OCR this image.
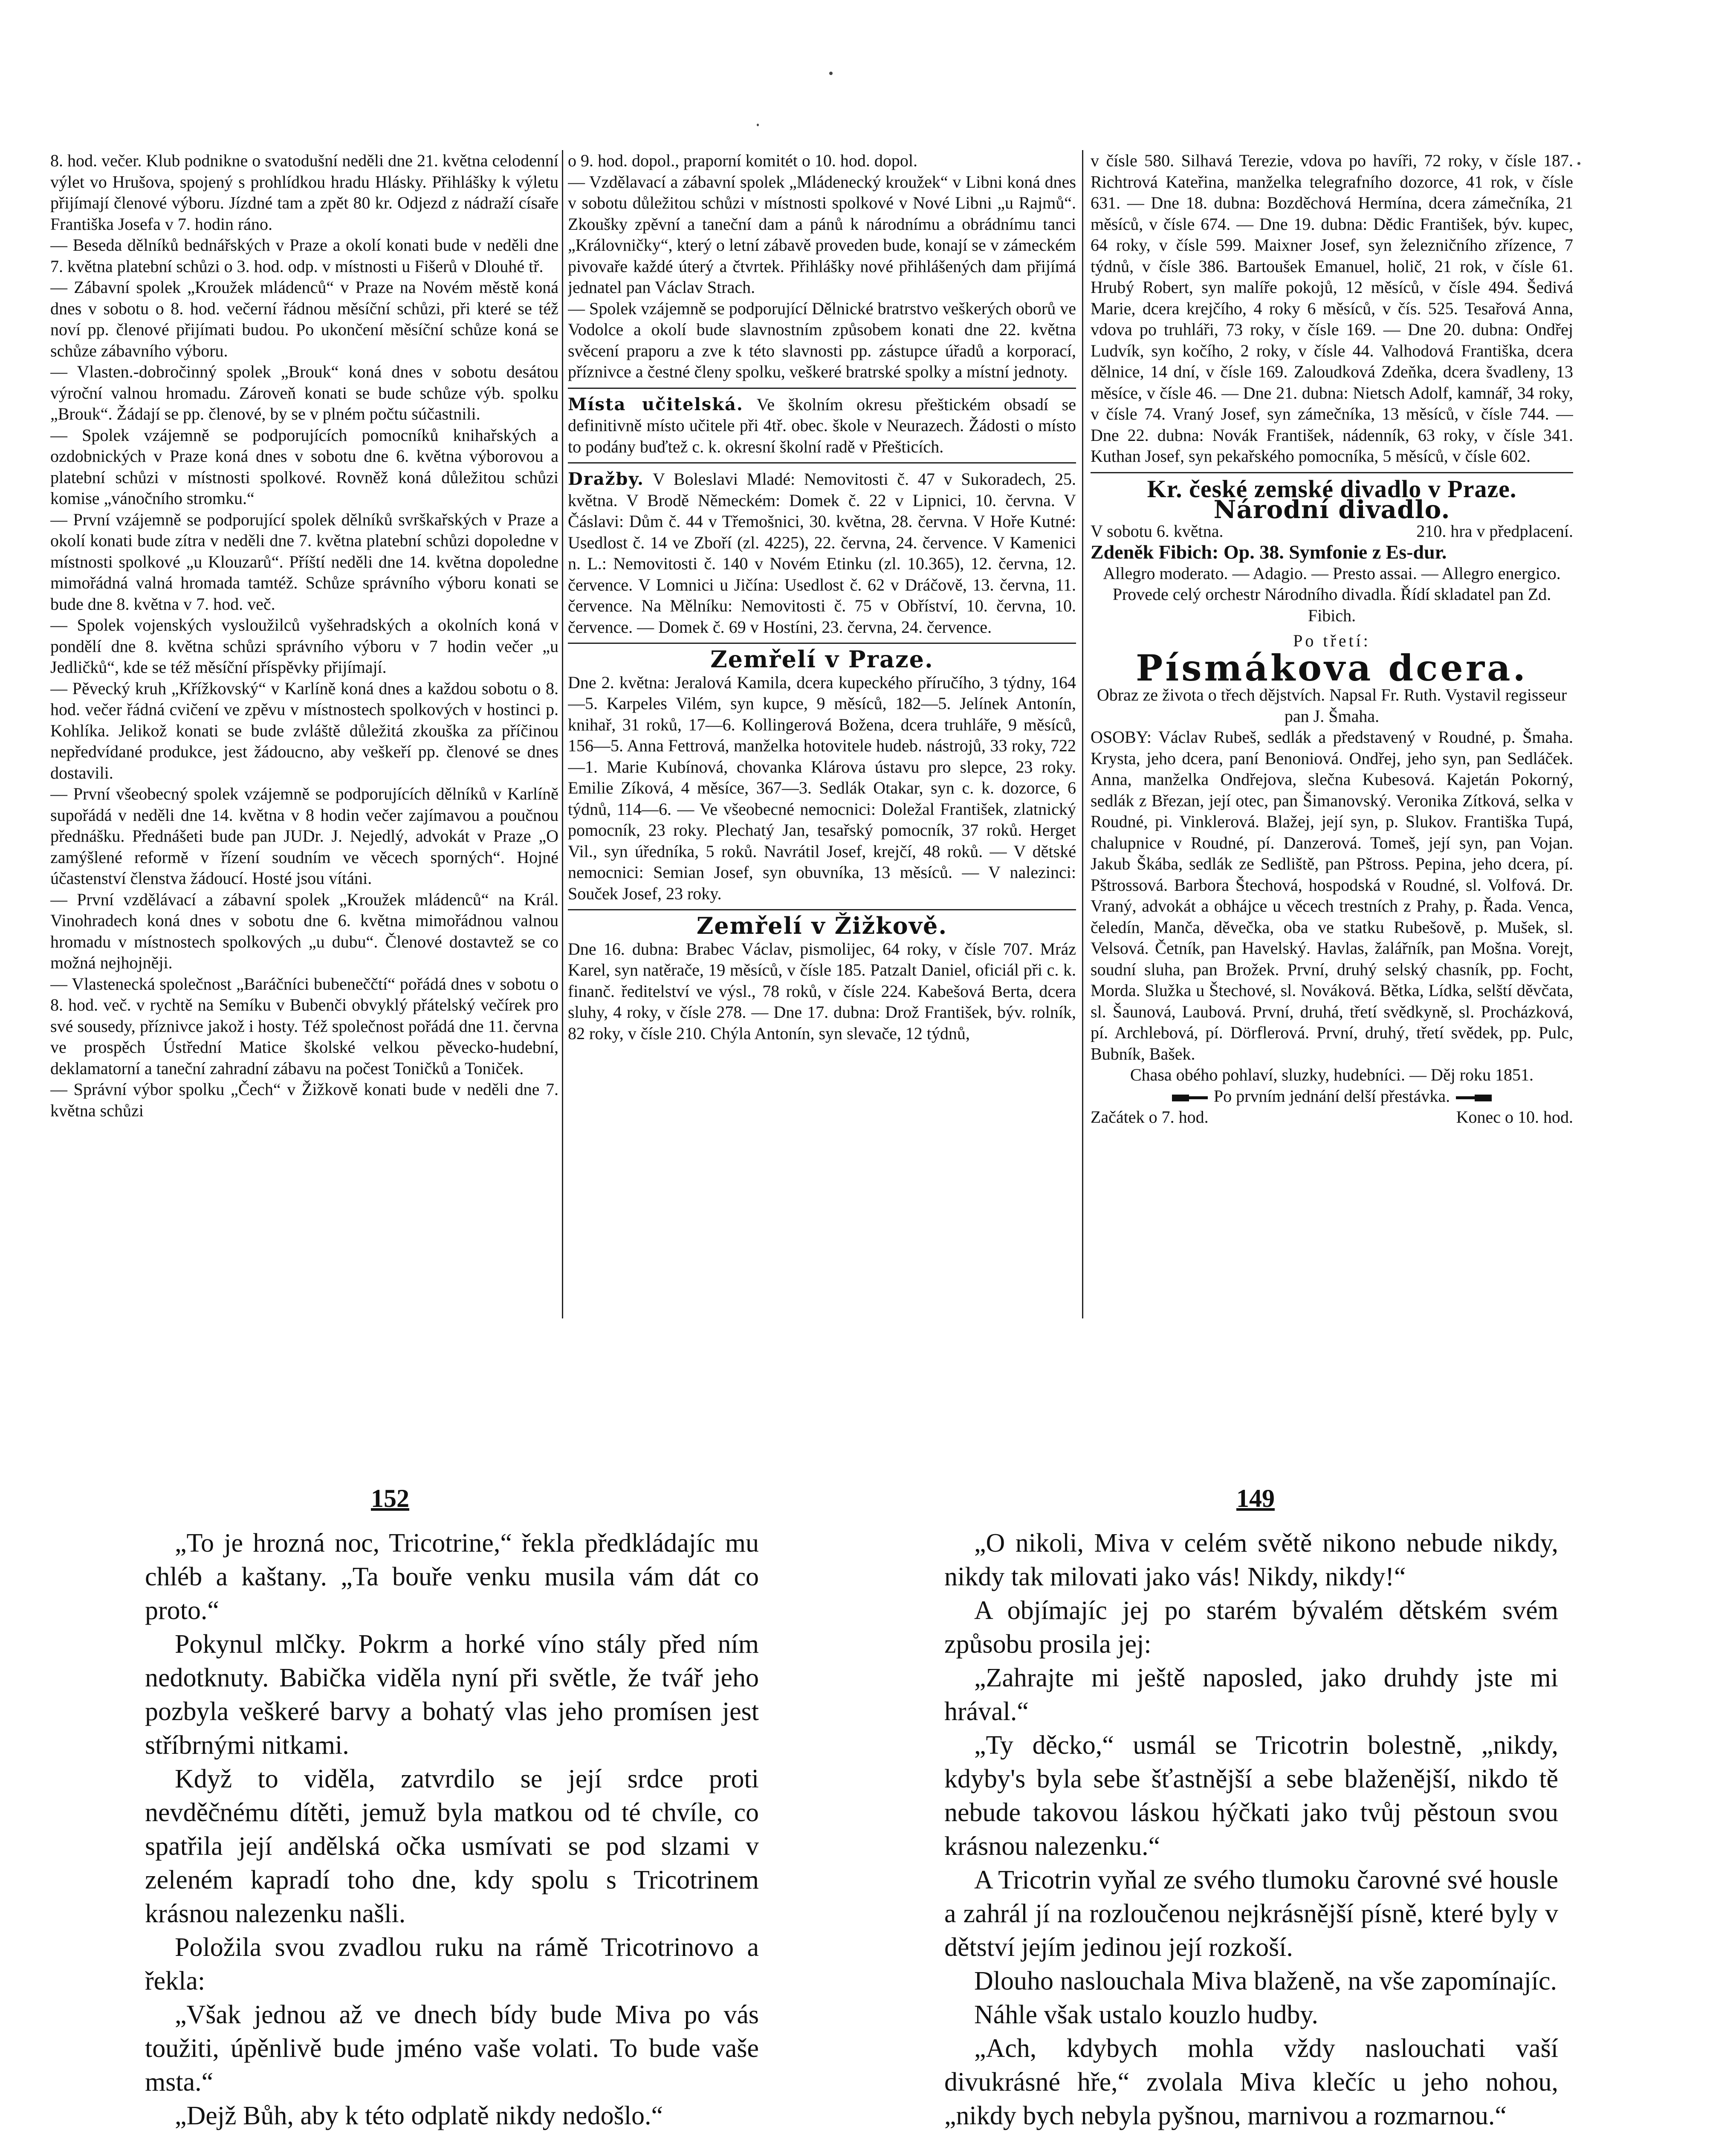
8. hod. večer. Klub podnikne o svatodušní neděli dne 21. května celodenní výlet vo Hrušova, spojený s prohlídkou hradu Hlásky. Přihlášky k výletu přijímají členové výboru. Jízdné tam a zpět 80 kr. Odjezd z nádraží císaře Františka Josefa v 7. hodin ráno.

— Beseda dělníků bednářských v Praze a okolí konati bude v neděli dne 7. května platební schůzi o 3. hod. odp. v místnosti u Fišerů v Dlouhé tř.

— Zábavní spolek „Kroužek mládenců“ v Praze na Novém městě koná dnes v sobotu o 8. hod. večerní řádnou měsíční schůzi, při které se též noví pp. členové přijímati budou. Po ukončení měsíční schůze koná se schůze zábavního výboru.

— Vlasten.-dobročinný spolek „Brouk“ koná dnes v sobotu desátou výroční valnou hromadu. Zároveň konati se bude schůze výb. spolku „Brouk“. Žádají se pp. členové, by se v plném počtu súčastnili.

— Spolek vzájemně se podporujících pomocníků knihařských a ozdobnických v Praze koná dnes v sobotu dne 6. května výborovou a platební schůzi v místnosti spolkové. Rovněž koná důležitou schůzi komise „vánočního stromku.“

— První vzájemně se podporující spolek dělníků svrškařských v Praze a okolí konati bude zítra v neděli dne 7. května platební schůzi dopoledne v místnosti spolkové „u Klouzarů“. Příští neděli dne 14. května dopoledne mimořádná valná hromada tamtéž. Schůze správního výboru konati se bude dne 8. května v 7. hod. več.

— Spolek vojenských vysloužilců vyšehradských a okolních koná v pondělí dne 8. května schůzi správního výboru v 7 hodin večer „u Jedličků“, kde se též měsíční příspěvky přijímají.

— Pěvecký kruh „Křížkovský“ v Karlíně koná dnes a každou sobotu o 8. hod. večer řádná cvičení ve zpěvu v místnostech spolkových v hostinci p. Kohlíka. Jelikož konati se bude zvláště důležitá zkouška za příčinou nepředvídané produkce, jest žádoucno, aby veškeří pp. členové se dnes dostavili.

— První všeobecný spolek vzájemně se podporujících dělníků v Karlíně supořádá v neděli dne 14. května v 8 hodin večer zajímavou a poučnou přednášku. Přednášeti bude pan JUDr. J. Nejedlý, advokát v Praze „O zamýšlené reformě v řízení soudním ve věcech sporných“. Hojné účastenství členstva žádoucí. Hosté jsou vítáni.

— První vzdělávací a zábavní spolek „Kroužek mládenců“ na Král. Vinohradech koná dnes v sobotu dne 6. května mimořádnou valnou hromadu v místnostech spolkových „u dubu“. Členové dostavtež se co možná nejhojněji.

— Vlastenecká společnost „Baráčníci bubeneččtí“ pořádá dnes v sobotu o 8. hod. več. v rychtě na Semíku v Bubenči obvyklý přátelský večírek pro své sousedy, příznivce jakož i hosty. Též společnost pořádá dne 11. června ve prospěch Ústřední Matice školské velkou pěvecko-hudební, deklamatorní a taneční zahradní zábavu na počest Toničků a Toniček.

— Správní výbor spolku „Čech“ v Žižkově konati bude v neděli dne 7. května schůzi

o 9. hod. dopol., praporní komitét o 10. hod. dopol.

— Vzdělavací a zábavní spolek „Mládenecký kroužek“ v Libni koná dnes v sobotu důležitou schůzi v místnosti spolkové v Nové Libni „u Rajmů“. Zkoušky zpěvní a taneční dam a pánů k národnímu a obrádnímu tanci „Královničky“, který o letní zábavě proveden bude, konají se v zámeckém pivovaře každé úterý a čtvrtek. Přihlášky nové přihlášených dam přijímá jednatel pan Václav Strach.

— Spolek vzájemně se podporující Dělnické bratrstvo veškerých oborů ve Vodolce a okolí bude slavnostním způsobem konati dne 22. května svěcení praporu a zve k této slavnosti pp. zástupce úřadů a korporací, příznivce a čestné členy spolku, veškeré bratrské spolky a místní jednoty.

Místa učitelská. Ve školním okresu přeštickém obsadí se definitivně místo učitele při 4tř. obec. škole v Neurazech. Žádosti o místo to podány buďtež c. k. okresní školní radě v Přešticích.

Dražby. V Boleslavi Mladé: Nemovitosti č. 47 v Sukoradech, 25. května. V Brodě Německém: Domek č. 22 v Lipnici, 10. června. V Čáslavi: Dům č. 44 v Třemošnici, 30. května, 28. června. V Hoře Kutné: Usedlost č. 14 ve Zboří (zl. 4225), 22. června, 24. července. V Kamenici n. L.: Nemovitosti č. 140 v Novém Etinku (zl. 10.365), 12. června, 12. července. V Lomnici u Jičína: Usedlost č. 62 v Dráčově, 13. června, 11. července. Na Mělníku: Nemovitosti č. 75 v Obříství, 10. června, 10. července. — Domek č. 69 v Hostíni, 23. června, 24. července.

Zemřelí v Praze.

Dne 2. května: Jeralová Kamila, dcera kupeckého příručího, 3 týdny, 164—5. Karpeles Vilém, syn kupce, 9 měsíců, 182—5. Jelínek Antonín, knihař, 31 roků, 17—6. Kollingerová Božena, dcera truhláře, 9 měsíců, 156—5. Anna Fettrová, manželka hotovitele hudeb. nástrojů, 33 roky, 722—1. Marie Kubínová, chovanka Klárova ústavu pro slepce, 23 roky. Emilie Zíková, 4 měsíce, 367—3. Sedlák Otakar, syn c. k. dozorce, 6 týdnů, 114—6. — Ve všeobecné nemocnici: Doležal František, zlatnický pomocník, 23 roky. Plechatý Jan, tesařský pomocník, 37 roků. Herget Vil., syn úředníka, 5 roků. Navrátil Josef, krejčí, 48 roků. — V dětské nemocnici: Semian Josef, syn obuvníka, 13 měsíců. — V nalezinci: Souček Josef, 23 roky.

Zemřelí v Žižkově.

Dne 16. dubna: Brabec Václav, pismolijec, 64 roky, v čísle 707. Mráz Karel, syn natěrače, 19 měsíců, v čísle 185. Patzalt Daniel, oficiál při c. k. finanč. ředitelství ve výsl., 78 roků, v čísle 224. Kabešová Berta, dcera sluhy, 4 roky, v čísle 278. — Dne 17. dubna: Drož František, býv. rolník, 82 roky, v čísle 210. Chýla Antonín, syn slevače, 12 týdnů,

v čísle 580. Silhavá Terezie, vdova po havíři, 72 roky, v čísle 187. Richtrová Kateřina, manželka telegrafního dozorce, 41 rok, v čísle 631. — Dne 18. dubna: Bozděchová Hermína, dcera zámečníka, 21 měsíců, v čísle 674. — Dne 19. dubna: Dědic František, býv. kupec, 64 roky, v čísle 599. Maixner Josef, syn železničního zřízence, 7 týdnů, v čísle 386. Bartoušek Emanuel, holič, 21 rok, v čísle 61. Hrubý Robert, syn malíře pokojů, 12 měsíců, v čísle 494. Šedivá Marie, dcera krejčího, 4 roky 6 měsíců, v čís. 525. Tesařová Anna, vdova po truhláři, 73 roky, v čísle 169. — Dne 20. dubna: Ondřej Ludvík, syn kočího, 2 roky, v čísle 44. Valhodová Františka, dcera dělnice, 14 dní, v čísle 169. Zaloudková Zdeňka, dcera švadleny, 13 měsíce, v čísle 46. — Dne 21. dubna: Nietsch Adolf, kamnář, 34 roky, v čísle 74. Vraný Josef, syn zámečníka, 13 měsíců, v čísle 744. — Dne 22. dubna: Novák František, nádenník, 63 roky, v čísle 341. Kuthan Josef, syn pekařského pomocníka, 5 měsíců, v čísle 602.

Kr. české zemské divadlo v Praze.
Národní divadlo.
V sobotu 6. května.	210. hra v předplacení.
Zdeněk Fibich: Op. 38. Symfonie z Es-dur.

Allegro moderato. — Adagio. — Presto assai. — Allegro energico.

Provede celý orchestr Národního divadla. Řídí skladatel pan Zd. Fibich.

Po třetí:
Písmákova dcera.

Obraz ze života o třech dějstvích. Napsal Fr. Ruth. Vystavil regisseur pan J. Šmaha.

OSOBY: Václav Rubeš, sedlák a představený v Roudné, p. Šmaha. Krysta, jeho dcera, paní Benoniová. Ondřej, jeho syn, pan Sedláček. Anna, manželka Ondřejova, slečna Kubesová. Kajetán Pokorný, sedlák z Březan, její otec, pan Šimanovský. Veronika Zítková, selka v Roudné, pi. Vinklerová. Blažej, její syn, p. Slukov. Františka Tupá, chalupnice v Roudné, pí. Danzerová. Tomeš, její syn, pan Vojan. Jakub Škába, sedlák ze Sedliště, pan Pštross. Pepina, jeho dcera, pí. Pštrossová. Barbora Štechová, hospodská v Roudné, sl. Volfová. Dr. Vraný, advokát a obhájce u věcech trestních z Prahy, p. Řada. Venca, čeledín, Manča, děvečka, oba ve statku Rubešově, p. Mušek, sl. Velsová. Četník, pan Havelský. Havlas, žalářník, pan Mošna. Vorejt, soudní sluha, pan Brožek. První, druhý selský chasník, pp. Focht, Morda. Služka u Štechové, sl. Nováková. Bětka, Lídka, selští děvčata, sl. Šaunová, Laubová. První, druhá, třetí svědkyně, sl. Procházková, pí. Archlebová, pí. Dörflerová. První, druhý, třetí svědek, pp. Pulc, Bubník, Bašek.

Chasa obého pohlaví, sluzky, hudebníci. — Děj roku 1851.

Po prvním jednání delší přestávka.

Začátek o 7. hod.	Konec o 10. hod.
152	149

„To je hrozná noc, Tricotrine,“ řekla předkládajíc mu chléb a kaštany. „Ta bouře venku musila vám dát co proto.“

Pokynul mlčky. Pokrm a horké víno stály před ním nedotknuty. Babička viděla nyní při světle, že tvář jeho pozbyla veškeré barvy a bohatý vlas jeho promísen jest stříbrnými nitkami.

Když to viděla, zatvrdilo se její srdce proti nevděčnému dítěti, jemuž byla matkou od té chvíle, co spatřila její andělská očka usmívati se pod slzami v zeleném kapradí toho dne, kdy spolu s Tricotrinem krásnou nalezenku našli.

Položila svou zvadlou ruku na rámě Tricotrinovo a řekla:

„Však jednou až ve dnech bídy bude Miva po vás toužiti, úpěnlivě bude jméno vaše volati. To bude vaše msta.“

„Dejž Bůh, aby k této odplatě nikdy nedošlo.“

„O nikoli, Miva v celém světě nikono nebude nikdy, nikdy tak milovati jako vás! Nikdy, nikdy!“

A objímajíc jej po starém bývalém dětském svém způsobu prosila jej:

„Zahrajte mi ještě naposled, jako druhdy jste mi hrával.“

„Ty děcko,“ usmál se Tricotrin bolestně, „nikdy, kdyby's byla sebe šťastnější a sebe blaženější, nikdo tě nebude takovou láskou hýčkati jako tvůj pěstoun svou krásnou nalezenku.“

A Tricotrin vyňal ze svého tlumoku čarovné své housle a zahrál jí na rozloučenou nejkrásnější písně, které byly v dětství jejím jedinou její rozkoší.

Dlouho naslouchala Miva blaženě, na vše zapomínajíc.

Náhle však ustalo kouzlo hudby.

„Ach, kdybych mohla vždy naslouchati vaší divukrásné hře,“ zvolala Miva klečíc u jeho nohou, „nikdy bych nebyla pyšnou, marnivou a rozmarnou.“
